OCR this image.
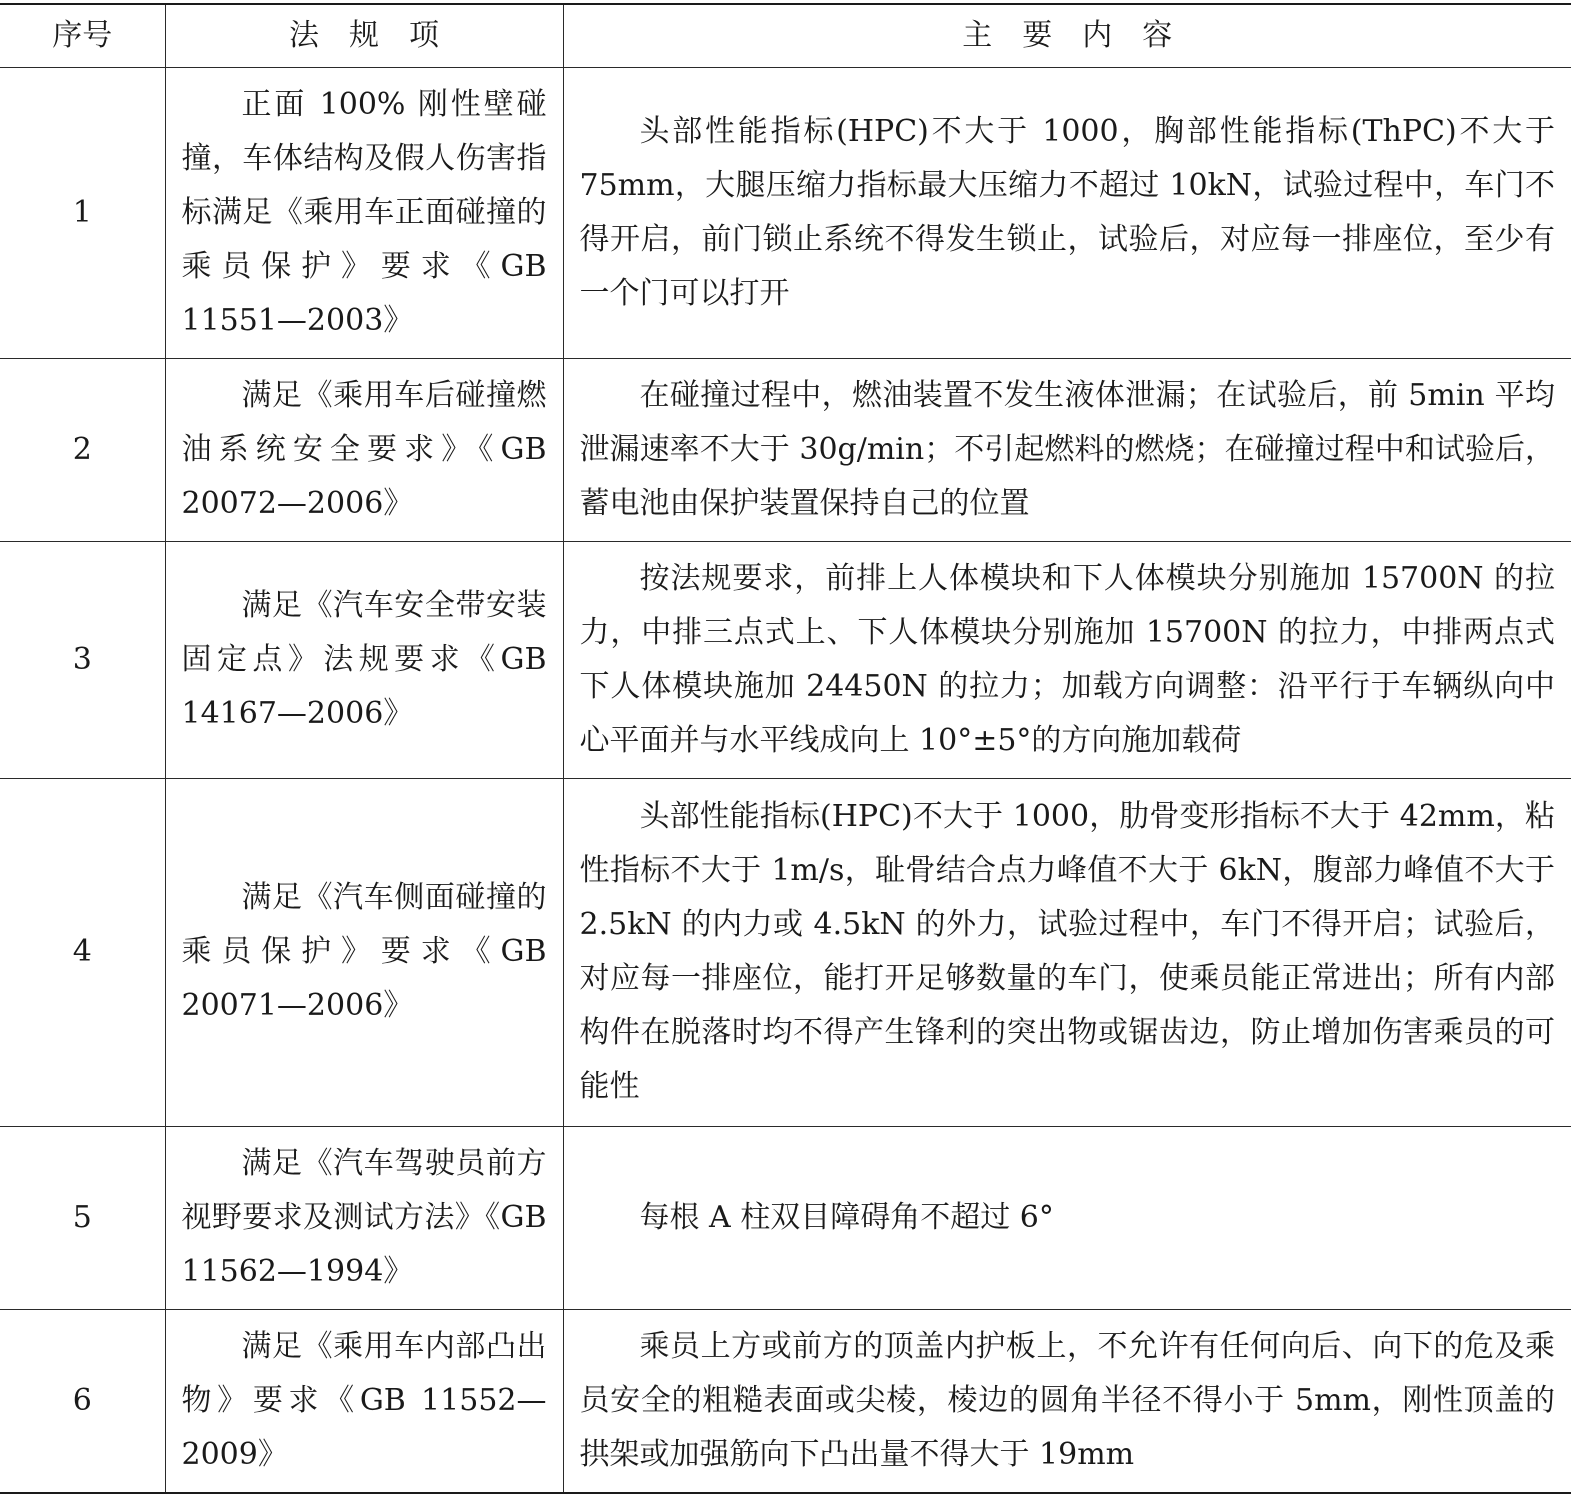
序号	法　规　项	主　要　内　容
1	正面 100% 刚性壁碰撞，车体结构及假人伤害指标满足《乘用车正面碰撞的乘员保护》要求《GB 11551—2003》	头部性能指标(HPC)不大于 1000，胸部性能指标(ThPC)不大于 75mm，大腿压缩力指标最大压缩力不超过 10kN，试验过程中，车门不得开启，前门锁止系统不得发生锁止，试验后，对应每一排座位，至少有一个门可以打开
2	满足《乘用车后碰撞燃油系统安全要求》《GB 20072—2006》	在碰撞过程中，燃油装置不发生液体泄漏；在试验后，前 5min 平均泄漏速率不大于 30g/min；不引起燃料的燃烧；在碰撞过程中和试验后，蓄电池由保护装置保持自己的位置
3	满足《汽车安全带安装固定点》法规要求《GB 14167—2006》	按法规要求，前排上人体模块和下人体模块分别施加 15700N 的拉力，中排三点式上、下人体模块分别施加 15700N 的拉力，中排两点式下人体模块施加 24450N 的拉力；加载方向调整：沿平行于车辆纵向中心平面并与水平线成向上 10°±5°的方向施加载荷
4	满足《汽车侧面碰撞的乘员保护》要求《GB 20071—2006》	头部性能指标(HPC)不大于 1000，肋骨变形指标不大于 42mm，粘性指标不大于 1m/s，耻骨结合点力峰值不大于 6kN，腹部力峰值不大于 2.5kN 的内力或 4.5kN 的外力，试验过程中，车门不得开启；试验后，对应每一排座位，能打开足够数量的车门，使乘员能正常进出；所有内部构件在脱落时均不得产生锋利的突出物或锯齿边，防止增加伤害乘员的可能性
5	满足《汽车驾驶员前方视野要求及测试方法》《GB 11562—1994》	每根 A 柱双目障碍角不超过 6°
6	满足《乘用车内部凸出物》要求《GB 11552—2009》	乘员上方或前方的顶盖内护板上，不允许有任何向后、向下的危及乘员安全的粗糙表面或尖棱，棱边的圆角半径不得小于 5mm，刚性顶盖的拱架或加强筋向下凸出量不得大于 19mm
